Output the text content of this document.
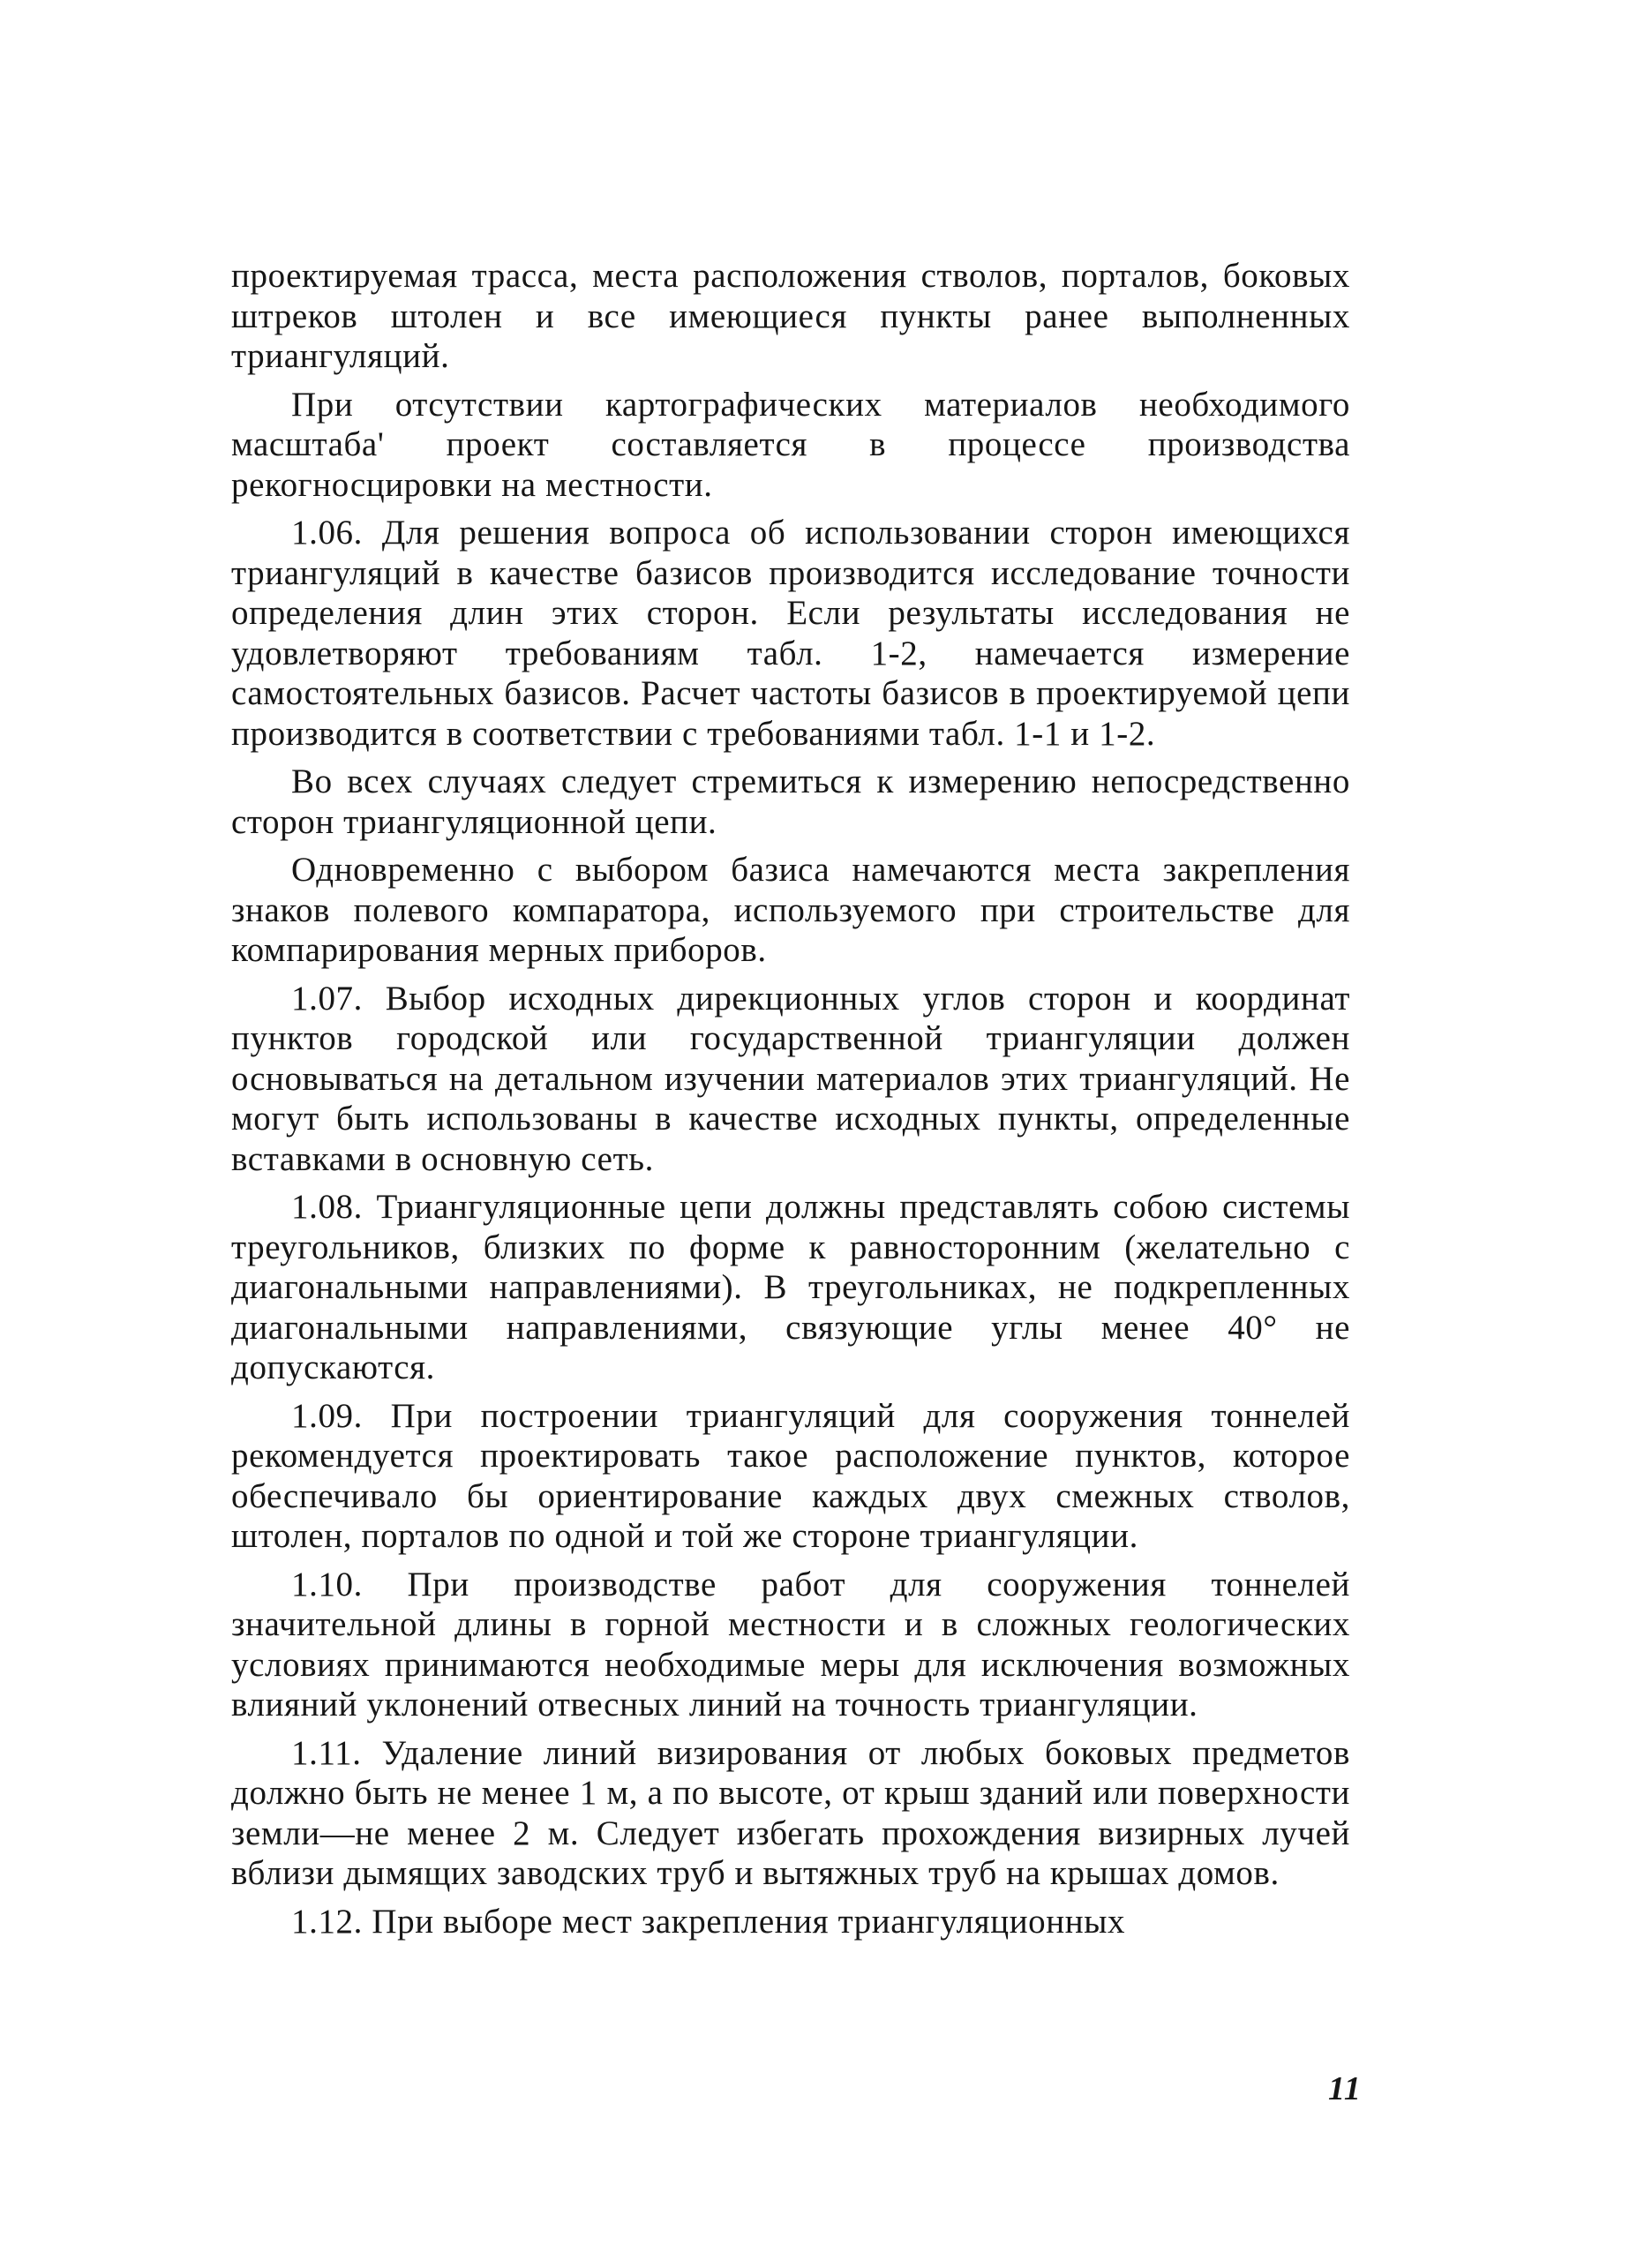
проектируемая трасса, места расположения стволов, порталов, боковых штреков штолен и все имеющиеся пункты ранее выполненных триангуляций.

При отсутствии картографических материалов необходимого масштаба' проект составляется в процессе производства рекогносцировки на местности.

1.06. Для решения вопроса об использовании сторон имеющихся триангуляций в качестве базисов производится исследование точности определения длин этих сторон. Если результаты исследования не удовлетворяют требованиям табл. 1-2, намечается измерение самостоятельных базисов. Расчет частоты базисов в проектируемой цепи производится в соответствии с требованиями табл. 1-1 и 1-2.

Во всех случаях следует стремиться к измерению непосредственно сторон триангуляционной цепи.

Одновременно с выбором базиса намечаются места закрепления знаков полевого компаратора, используемого при строительстве для компарирования мерных приборов.

1.07. Выбор исходных дирекционных углов сторон и координат пунктов городской или государственной триангуляции должен основываться на детальном изучении материалов этих триангуляций. Не могут быть использованы в качестве исходных пункты, определенные вставками в основную сеть.

1.08. Триангуляционные цепи должны представлять собою системы треугольников, близких по форме к равносторонним (желательно с диагональными направлениями). В треугольниках, не подкрепленных диагональными направлениями, связующие углы менее 40° не допускаются.

1.09. При построении триангуляций для сооружения тоннелей рекомендуется проектировать такое расположение пунктов, которое обеспечивало бы ориентирование каждых двух смежных стволов, штолен, порталов по одной и той же стороне триангуляции.

1.10. При производстве работ для сооружения тоннелей значительной длины в горной местности и в сложных геологических условиях принимаются необходимые меры для исключения возможных влияний уклонений отвесных линий на точность триангуляции.

1.11. Удаление линий визирования от любых боковых предметов должно быть не менее 1 м, а по высоте, от крыш зданий или поверхности земли—не менее 2 м. Следует избегать прохождения визирных лучей вблизи дымящих заводских труб и вытяжных труб на крышах домов.

1.12. При выборе мест закрепления триангуляционных

11
